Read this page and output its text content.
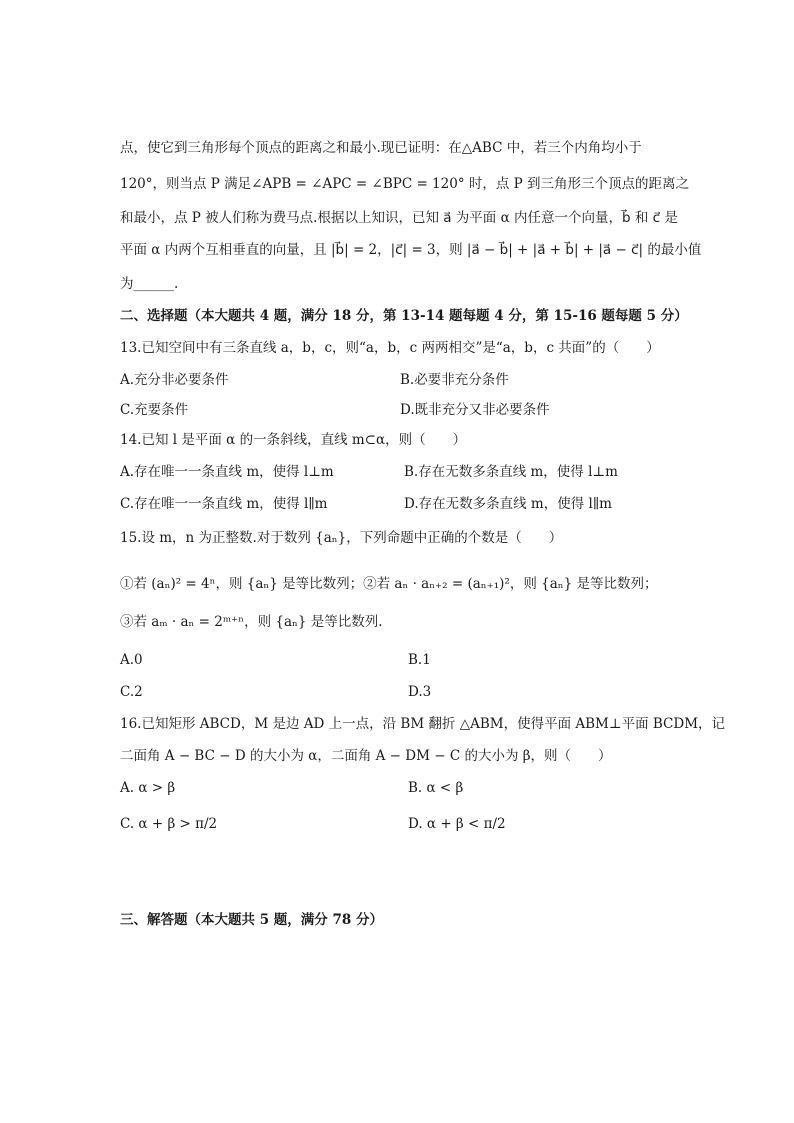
点，使它到三角形每个顶点的距离之和最小.现已证明：在△ABC 中，若三个内角均小于
120°，则当点 P 满足∠APB = ∠APC = ∠BPC = 120° 时，点 P 到三角形三个顶点的距离之
和最小，点 P 被人们称为费马点.根据以上知识，已知 a⃗ 为平面 α 内任意一个向量，b⃗ 和 c⃗ 是
平面 α 内两个互相垂直的向量，且 |b⃗| = 2，|c⃗| = 3，则 |a⃗ − b⃗| + |a⃗ + b⃗| + |a⃗ − c⃗| 的最小值
为______.
二、选择题（本大题共 4 题，满分 18 分，第 13-14 题每题 4 分，第 15-16 题每题 5 分）
13.已知空间中有三条直线 a，b，c，则“a，b，c 两两相交”是“a，b，c 共面”的（　　）
A.充分非必要条件	B.必要非充分条件
C.充要条件	D.既非充分又非必要条件
14.已知 l 是平面 α 的一条斜线，直线 m⊂α，则（　　）
A.存在唯一一条直线 m，使得 l⊥m	B.存在无数多条直线 m，使得 l⊥m
C.存在唯一一条直线 m，使得 l∥m	D.存在无数多条直线 m，使得 l∥m
15.设 m，n 为正整数.对于数列 {aₙ}，下列命题中正确的个数是（　　）
①若 (aₙ)² = 4ⁿ，则 {aₙ} 是等比数列；②若 aₙ · aₙ₊₂ = (aₙ₊₁)²，则 {aₙ} 是等比数列；
③若 aₘ · aₙ = 2ᵐ⁺ⁿ，则 {aₙ} 是等比数列.
A.0	B.1
C.2	D.3
16.已知矩形 ABCD，M 是边 AD 上一点，沿 BM 翻折 △ABM，使得平面 ABM⊥平面 BCDM，记
二面角 A − BC − D 的大小为 α，二面角 A − DM − C 的大小为 β，则（　　）
A. α > β	B. α < β
C. α + β > π/2	D. α + β < π/2
三、解答题（本大题共 5 题，满分 78 分）
